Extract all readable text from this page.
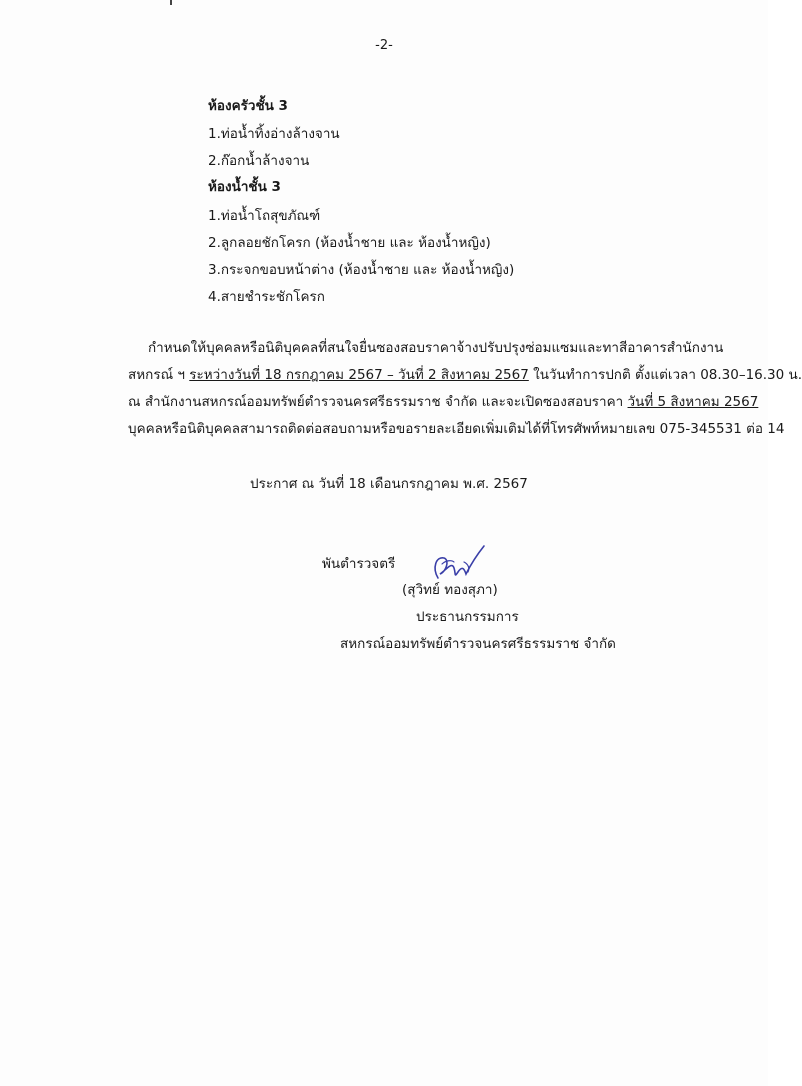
-2-
ห้องครัวชั้น 3
1.ท่อน้ำทิ้งอ่างล้างจาน
2.ก๊อกน้ำล้างจาน
ห้องน้ำชั้น 3
1.ท่อน้ำโถสุขภัณฑ์
2.ลูกลอยชักโครก (ห้องน้ำชาย และ ห้องน้ำหญิง)
3.กระจกขอบหน้าต่าง (ห้องน้ำชาย และ ห้องน้ำหญิง)
4.สายชำระชักโครก
กำหนดให้บุคคลหรือนิติบุคคลที่สนใจยื่นซองสอบราคาจ้างปรับปรุงซ่อมแซมและทาสีอาคารสำนักงาน
สหกรณ์ ฯ ระหว่างวันที่ 18 กรกฎาคม 2567 – วันที่ 2 สิงหาคม 2567 ในวันทำการปกติ ตั้งแต่เวลา 08.30–16.30 น.
ณ สำนักงานสหกรณ์ออมทรัพย์ตำรวจนครศรีธรรมราช จำกัด และจะเปิดซองสอบราคา วันที่ 5 สิงหาคม 2567
บุคคลหรือนิติบุคคลสามารถติดต่อสอบถามหรือขอรายละเอียดเพิ่มเติมได้ที่โทรศัพท์หมายเลข 075-345531 ต่อ 14
ประกาศ ณ วันที่ 18 เดือนกรกฎาคม พ.ศ. 2567
พันตำรวจตรี
(สุวิทย์ ทองสุภา)
ประธานกรรมการ
สหกรณ์ออมทรัพย์ตำรวจนครศรีธรรมราช จำกัด
